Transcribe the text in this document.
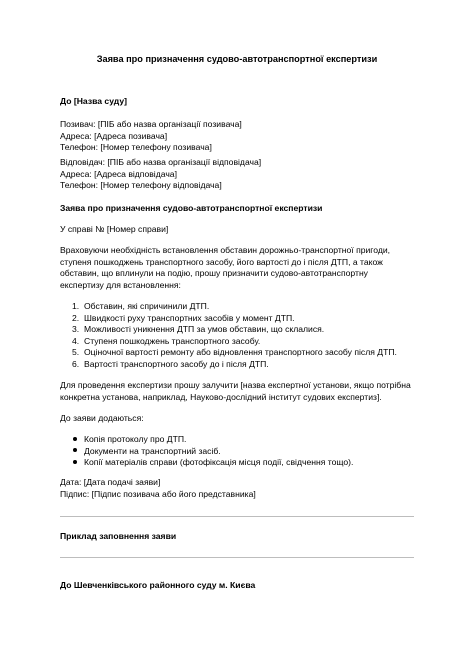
Заява про призначення судово-автотранспортної експертизи
До [Назва суду]

Позивач: [ПІБ або назва організації позивача]

Адреса: [Адреса позивача]

Телефон: [Номер телефону позивача]

Відповідач: [ПІБ або назва організації відповідача]

Адреса: [Адреса відповідача]

Телефон: [Номер телефону відповідача]

Заява про призначення судово-автотранспортної експертизи
У справі № [Номер справи]

Враховуючи необхідність встановлення обставин дорожньо-транспортної пригоди,

ступеня пошкоджень транспортного засобу, його вартості до і після ДТП, а також

обставин, що вплинули на подію, прошу призначити судово-автотранспортну

експертизу для встановлення:

1. Обставин, які спричинили ДТП.
2. Швидкості руху транспортних засобів у момент ДТП.
3. Можливості уникнення ДТП за умов обставин, що склалися.
4. Ступеня пошкоджень транспортного засобу.
5. Оціночної вартості ремонту або відновлення транспортного засобу після ДТП.
6. Вартості транспортного засобу до і після ДТП.

Для проведення експертизи прошу залучити [назва експертної установи, якщо потрібна

конкретна установа, наприклад, Науково-дослідний інститут судових експертиз].

До заяви додаються:
Копія протоколу про ДТП.
Документи на транспортний засіб.
Копії матеріалів справи (фотофіксація місця події, свідчення тощо).

Дата: [Дата подачі заяви]

Підпис: [Підпис позивача або його представника]

Приклад заповнення заяви
До Шевченківського районного суду м. Києва
